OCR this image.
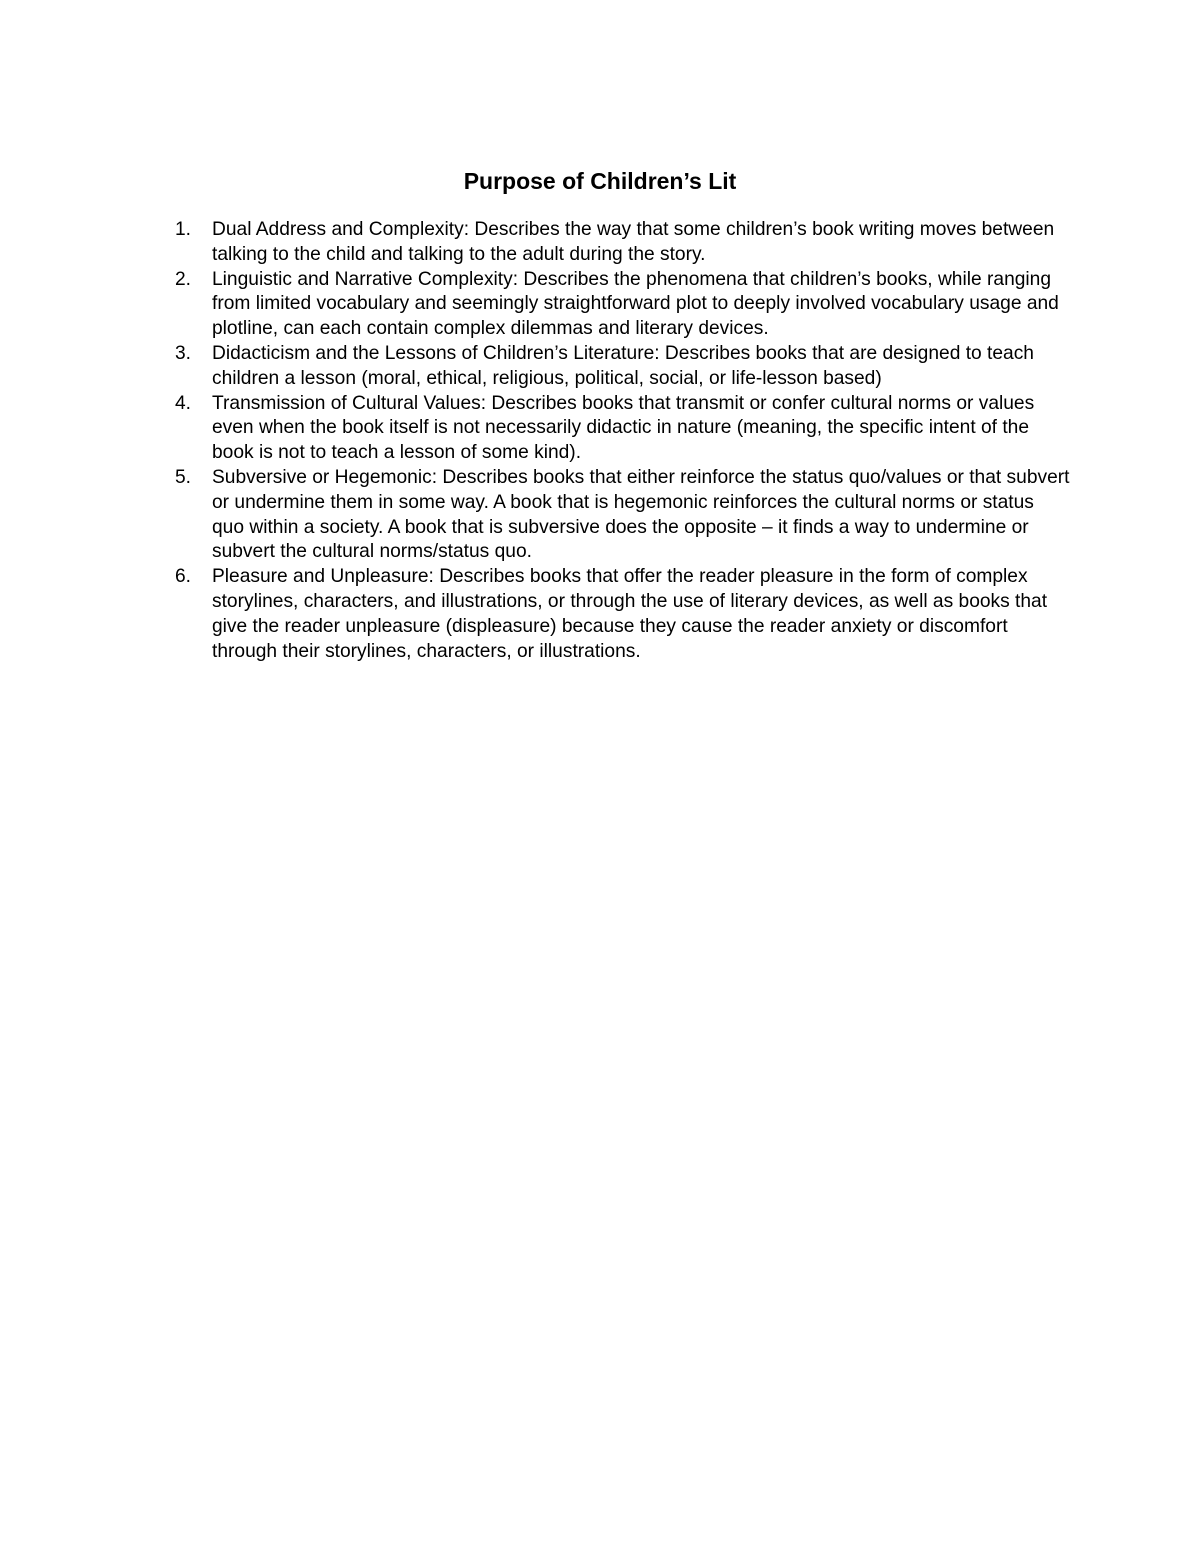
Purpose of Children’s Lit
1.	Dual Address and Complexity: Describes the way that some children’s book writing moves between talking to the child and talking to the adult during the story.
2.	Linguistic and Narrative Complexity: Describes the phenomena that children’s books, while ranging from limited vocabulary and seemingly straightforward plot to deeply involved vocabulary usage and plotline, can each contain complex dilemmas and literary devices.
3.	Didacticism and the Lessons of Children’s Literature: Describes books that are designed to teach children a lesson (moral, ethical, religious, political, social, or life-lesson based)
4.	Transmission of Cultural Values: Describes books that transmit or confer cultural norms or values even when the book itself is not necessarily didactic in nature (meaning, the specific intent of the book is not to teach a lesson of some kind).
5.	Subversive or Hegemonic: Describes books that either reinforce the status quo/values or that subvert or undermine them in some way. A book that is hegemonic reinforces the cultural norms or status quo within a society. A book that is subversive does the opposite – it finds a way to undermine or subvert the cultural norms/status quo.
6.	Pleasure and Unpleasure: Describes books that offer the reader pleasure in the form of complex storylines, characters, and illustrations, or through the use of literary devices, as well as books that give the reader unpleasure (displeasure) because they cause the reader anxiety or discomfort through their storylines, characters, or illustrations.
